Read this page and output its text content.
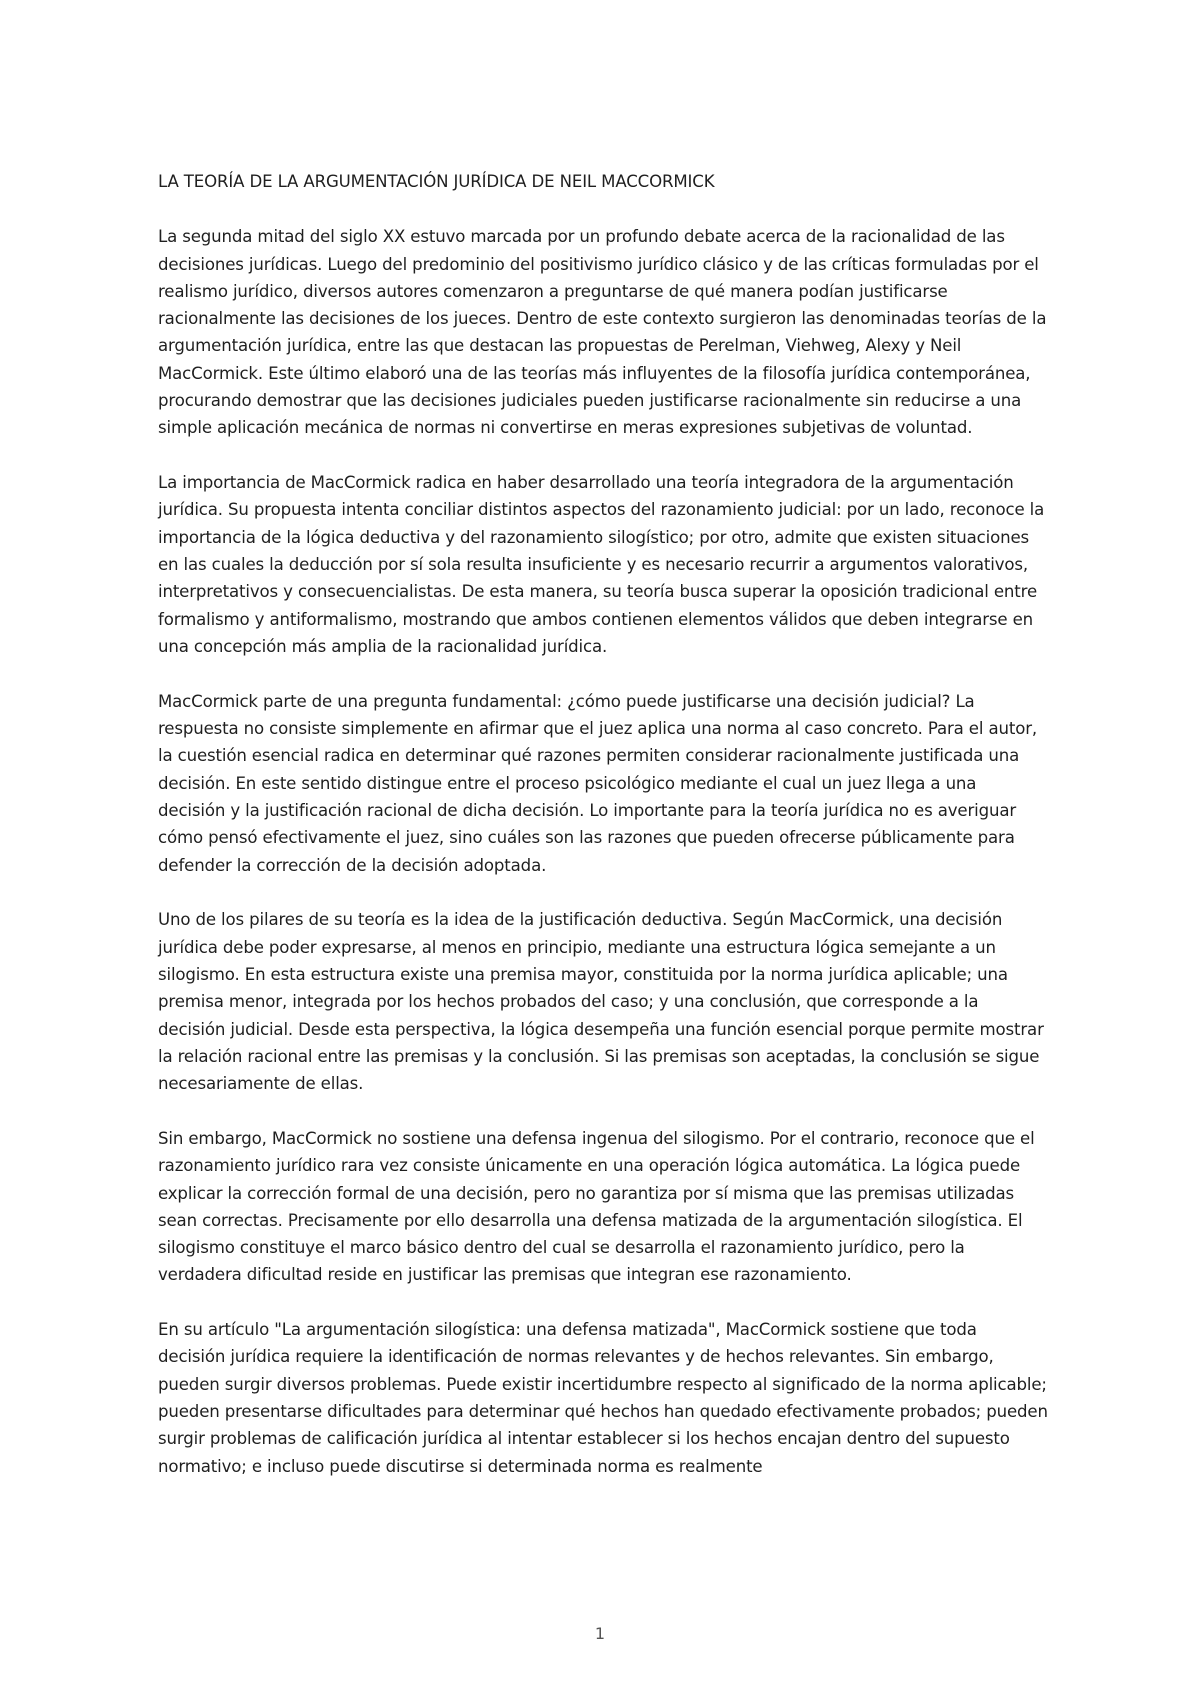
LA TEORÍA DE LA ARGUMENTACIÓN JURÍDICA DE NEIL MACCORMICK

La segunda mitad del siglo XX estuvo marcada por un profundo debate acerca de la racionalidad de las decisiones jurídicas. Luego del predominio del positivismo jurídico clásico y de las críticas formuladas por el realismo jurídico, diversos autores comenzaron a preguntarse de qué manera podían justificarse racionalmente las decisiones de los jueces. Dentro de este contexto surgieron las denominadas teorías de la argumentación jurídica, entre las que destacan las propuestas de Perelman, Viehweg, Alexy y Neil MacCormick. Este último elaboró una de las teorías más influyentes de la filosofía jurídica contemporánea, procurando demostrar que las decisiones judiciales pueden justificarse racionalmente sin reducirse a una simple aplicación mecánica de normas ni convertirse en meras expresiones subjetivas de voluntad.

La importancia de MacCormick radica en haber desarrollado una teoría integradora de la argumentación jurídica. Su propuesta intenta conciliar distintos aspectos del razonamiento judicial: por un lado, reconoce la importancia de la lógica deductiva y del razonamiento silogístico; por otro, admite que existen situaciones en las cuales la deducción por sí sola resulta insuficiente y es necesario recurrir a argumentos valorativos, interpretativos y consecuencialistas. De esta manera, su teoría busca superar la oposición tradicional entre formalismo y antiformalismo, mostrando que ambos contienen elementos válidos que deben integrarse en una concepción más amplia de la racionalidad jurídica.

MacCormick parte de una pregunta fundamental: ¿cómo puede justificarse una decisión judicial? La respuesta no consiste simplemente en afirmar que el juez aplica una norma al caso concreto. Para el autor, la cuestión esencial radica en determinar qué razones permiten considerar racionalmente justificada una decisión. En este sentido distingue entre el proceso psicológico mediante el cual un juez llega a una decisión y la justificación racional de dicha decisión. Lo importante para la teoría jurídica no es averiguar cómo pensó efectivamente el juez, sino cuáles son las razones que pueden ofrecerse públicamente para defender la corrección de la decisión adoptada.

Uno de los pilares de su teoría es la idea de la justificación deductiva. Según MacCormick, una decisión jurídica debe poder expresarse, al menos en principio, mediante una estructura lógica semejante a un silogismo. En esta estructura existe una premisa mayor, constituida por la norma jurídica aplicable; una premisa menor, integrada por los hechos probados del caso; y una conclusión, que corresponde a la decisión judicial. Desde esta perspectiva, la lógica desempeña una función esencial porque permite mostrar la relación racional entre las premisas y la conclusión. Si las premisas son aceptadas, la conclusión se sigue necesariamente de ellas.

Sin embargo, MacCormick no sostiene una defensa ingenua del silogismo. Por el contrario, reconoce que el razonamiento jurídico rara vez consiste únicamente en una operación lógica automática. La lógica puede explicar la corrección formal de una decisión, pero no garantiza por sí misma que las premisas utilizadas sean correctas. Precisamente por ello desarrolla una defensa matizada de la argumentación silogística. El silogismo constituye el marco básico dentro del cual se desarrolla el razonamiento jurídico, pero la verdadera dificultad reside en justificar las premisas que integran ese razonamiento.

En su artículo "La argumentación silogística: una defensa matizada", MacCormick sostiene que toda decisión jurídica requiere la identificación de normas relevantes y de hechos relevantes. Sin embargo, pueden surgir diversos problemas. Puede existir incertidumbre respecto al significado de la norma aplicable; pueden presentarse dificultades para determinar qué hechos han quedado efectivamente probados; pueden surgir problemas de calificación jurídica al intentar establecer si los hechos encajan dentro del supuesto normativo; e incluso puede discutirse si determinada norma es realmente

1
